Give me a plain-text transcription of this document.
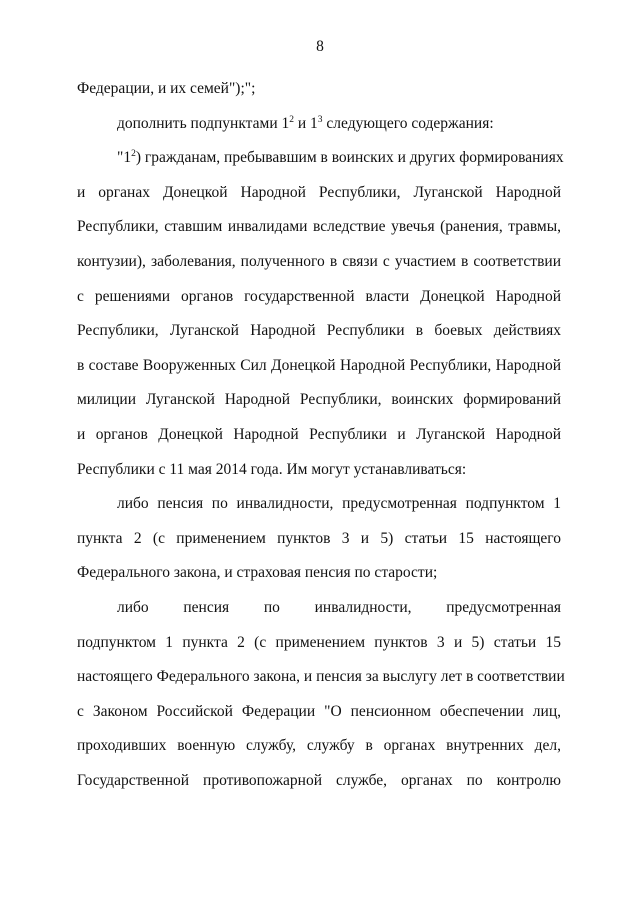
8
Федерации, и их семей");";
дополнить подпунктами $1^2$ и $1^3$ следующего содержания:
"$1^2$) гражданам, пребывавшим в воинских и других формированиях
и органах Донецкой Народной Республики, Луганской Народной
Республики, ставшим инвалидами вследствие увечья (ранения, травмы,
контузии), заболевания, полученного в связи с участием в соответствии
с решениями органов государственной власти Донецкой Народной
Республики, Луганской Народной Республики в боевых действиях
в составе Вооруженных Сил Донецкой Народной Республики, Народной
милиции Луганской Народной Республики, воинских формирований
и органов Донецкой Народной Республики и Луганской Народной
Республики с 11 мая 2014 года. Им могут устанавливаться:
либо пенсия по инвалидности, предусмотренная подпунктом 1
пункта 2 (с применением пунктов 3 и 5) статьи 15 настоящего
Федерального закона, и страховая пенсия по старости;
либо пенсия по инвалидности, предусмотренная
подпунктом 1 пункта 2 (с применением пунктов 3 и 5) статьи 15
настоящего Федерального закона, и пенсия за выслугу лет в соответствии
с Законом Российской Федерации "О пенсионном обеспечении лиц,
проходивших военную службу, службу в органах внутренних дел,
Государственной противопожарной службе, органах по контролю
